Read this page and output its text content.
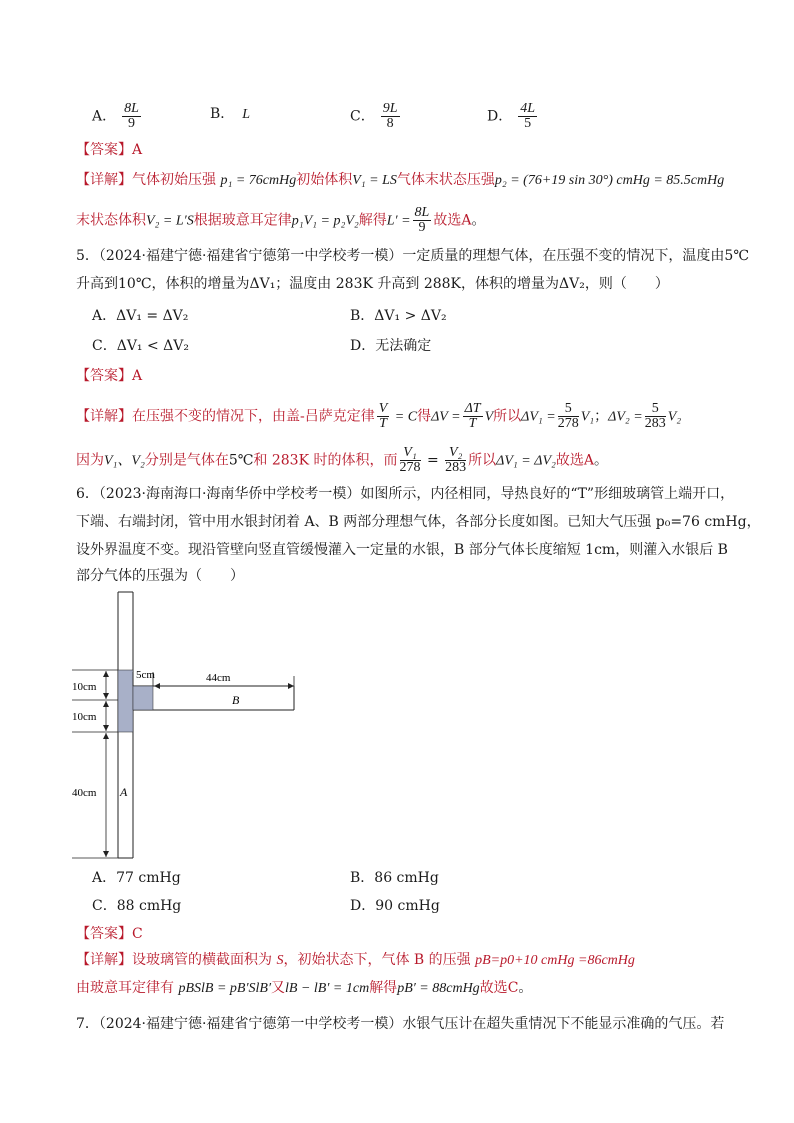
A． $\frac{8L}{9}$	B． L	C． $\frac{9L}{8}$	D． $\frac{4L}{5}$
【答案】A
【详解】气体初始压强 p₁ = 76cmHg初始体积V₁ = LS气体末状态压强p₂ = (76+19 sin 30°) cmHg = 85.5cmHg
末状态体积V₂ = L′S根据玻意耳定律p₁V₁ = p₂V₂解得$L' = \frac{8L}{9}$ 故选A。
5．（2024·福建宁德·福建省宁德第一中学校考一模）一定质量的理想气体，在压强不变的情况下，温度由5℃
升高到10℃，体积的增量为ΔV₁；温度由 283K 升高到 288K，体积的增量为ΔV₂，则（　　）
A．ΔV₁ = ΔV₂	B．ΔV₁ > ΔV₂
C．ΔV₁ < ΔV₂	D．无法确定
【答案】A
【详解】在压强不变的情况下，由盖-吕萨克定律 $\frac{V}{T} = C$得$\Delta V = \frac{\Delta T}{T}$ V所以$\Delta V_1 = \frac{5}{278} V_1$；$\Delta V_2 = \frac{5}{283} V_2$
因为V₁、V₂分别是气体在5℃和 283K 时的体积，而 $\frac{\text{V₁}}{278} = \frac{\text{V₂}}{283}$ 所以ΔV₁ = ΔV₂故选A。
6．（2023·海南海口·海南华侨中学校考一模）如图所示，内径相同，导热良好的“T”形细玻璃管上端开口，
下端、右端封闭，管中用水银封闭着 A、B 两部分理想气体，各部分长度如图。已知大气压强 p₀=76 cmHg，
设外界温度不变。现沿管壁向竖直管缓慢灌入一定量的水银，B 部分气体长度缩短 1cm，则灌入水银后 B
部分气体的压强为（　　）
10cm
10cm
40cm
5cm	44cm
A
B
A．77 cmHg	B．86 cmHg
C．88 cmHg	D．90 cmHg
【答案】C
【详解】设玻璃管的横截面积为 S，初始状态下，气体 B 的压强 pB=p0+10 cmHg =86cmHg
由玻意耳定律有 pBSlB = pB′SlB′又lB − lB′ = 1cm解得pB′ = 88cmHg故选C。
7．（2024·福建宁德·福建省宁德第一中学校考一模）水银气压计在超失重情况下不能显示准确的气压。若
